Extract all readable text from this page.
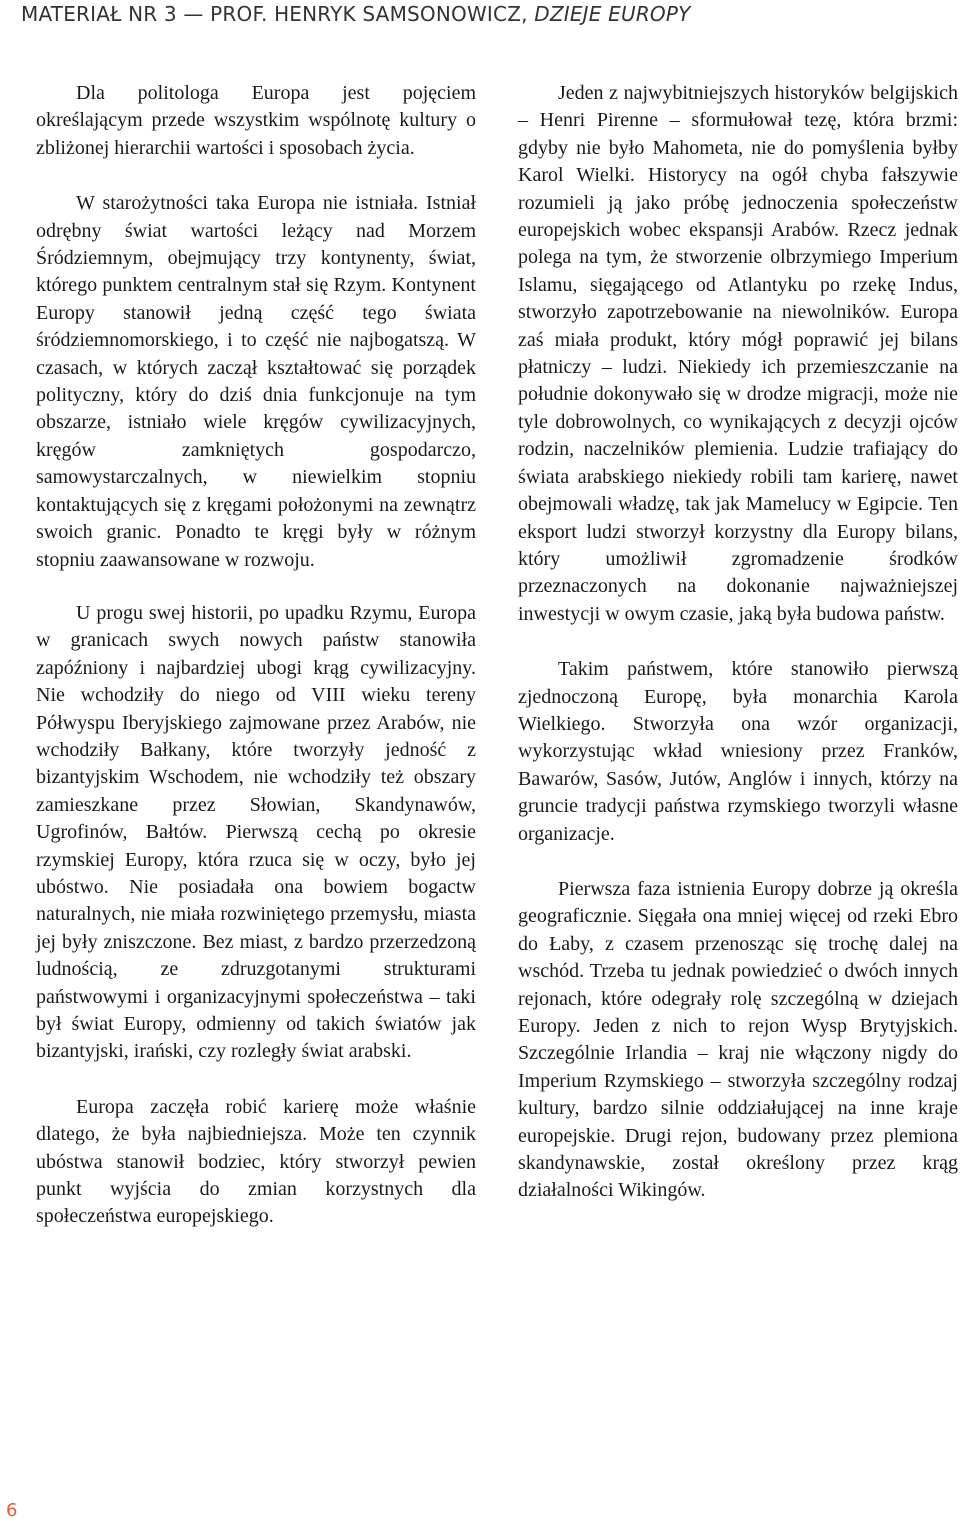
MATERIAŁ NR 3 — PROF. HENRYK SAMSONOWICZ, DZIEJE EUROPY

Dla politologa Europa jest pojęciem określającym przede wszystkim wspólnotę kultury o zbliżonej hierarchii wartości i sposobach życia.

W starożytności taka Europa nie istniała. Istniał odrębny świat wartości leżący nad Morzem Śródziemnym, obejmujący trzy kontynenty, świat, którego punktem centralnym stał się Rzym. Kontynent Europy stanowił jedną część tego świata śródziemnomorskiego, i to część nie najbogatszą. W czasach, w których zaczął kształtować się porządek polityczny, który do dziś dnia funkcjonuje na tym obszarze, istniało wiele kręgów cywilizacyjnych, kręgów zamkniętych gospodarczo, samowystarczalnych, w niewielkim stopniu kontaktujących się z kręgami położonymi na zewnątrz swoich granic. Ponadto te kręgi były w różnym stopniu zaawansowane w rozwoju.

U progu swej historii, po upadku Rzymu, Europa w granicach swych nowych państw stanowiła zapóźniony i najbardziej ubogi krąg cywilizacyjny. Nie wchodziły do niego od VIII wieku tereny Półwyspu Iberyjskiego zajmowane przez Arabów, nie wchodziły Bałkany, które tworzyły jedność z bizantyjskim Wschodem, nie wchodziły też obszary zamieszkane przez Słowian, Skandynawów, Ugrofinów, Bałtów. Pierwszą cechą po okresie rzymskiej Europy, która rzuca się w oczy, było jej ubóstwo. Nie posiadała ona bowiem bogactw naturalnych, nie miała rozwiniętego przemysłu, miasta jej były zniszczone. Bez miast, z bardzo przerzedzoną ludnością, ze zdruzgotanymi strukturami państwowymi i organizacyjnymi społeczeństwa – taki był świat Europy, odmienny od takich światów jak bizantyjski, irański, czy rozległy świat arabski.

Europa zaczęła robić karierę może właśnie dlatego, że była najbiedniejsza. Może ten czynnik ubóstwa stanowił bodziec, który stworzył pewien punkt wyjścia do zmian korzystnych dla społeczeństwa europejskiego.

Jeden z najwybitniejszych historyków belgijskich – Henri Pirenne – sformułował tezę, która brzmi: gdyby nie było Mahometa, nie do pomyślenia byłby Karol Wielki. Historycy na ogół chyba fałszywie rozumieli ją jako próbę jednoczenia społeczeństw europejskich wobec ekspansji Arabów. Rzecz jednak polega na tym, że stworzenie olbrzymiego Imperium Islamu, sięgającego od Atlantyku po rzekę Indus, stworzyło zapotrzebowanie na niewolników. Europa zaś miała produkt, który mógł poprawić jej bilans płatniczy – ludzi. Niekiedy ich przemieszczanie na południe dokonywało się w drodze migracji, może nie tyle dobrowolnych, co wynikających z decyzji ojców rodzin, naczelników plemienia. Ludzie trafiający do świata arabskiego niekiedy robili tam karierę, nawet obejmowali władzę, tak jak Mamelucy w Egipcie. Ten eksport ludzi stworzył korzystny dla Europy bilans, który umożliwił zgromadzenie środków przeznaczonych na dokonanie najważniejszej inwestycji w owym czasie, jaką była budowa państw.

Takim państwem, które stanowiło pierwszą zjednoczoną Europę, była monarchia Karola Wielkiego. Stworzyła ona wzór organizacji, wykorzystując wkład wniesiony przez Franków, Bawarów, Sasów, Jutów, Anglów i innych, którzy na gruncie tradycji państwa rzymskiego tworzyli własne organizacje.

Pierwsza faza istnienia Europy dobrze ją określa geograficznie. Sięgała ona mniej więcej od rzeki Ebro do Łaby, z czasem przenosząc się trochę dalej na wschód. Trzeba tu jednak powiedzieć o dwóch innych rejonach, które odegrały rolę szczególną w dziejach Europy. Jeden z nich to rejon Wysp Brytyjskich. Szczególnie Irlandia – kraj nie włączony nigdy do Imperium Rzymskiego – stworzyła szczególny rodzaj kultury, bardzo silnie oddziałującej na inne kraje europejskie. Drugi rejon, budowany przez plemiona skandynawskie, został określony przez krąg działalności Wikingów.

6
